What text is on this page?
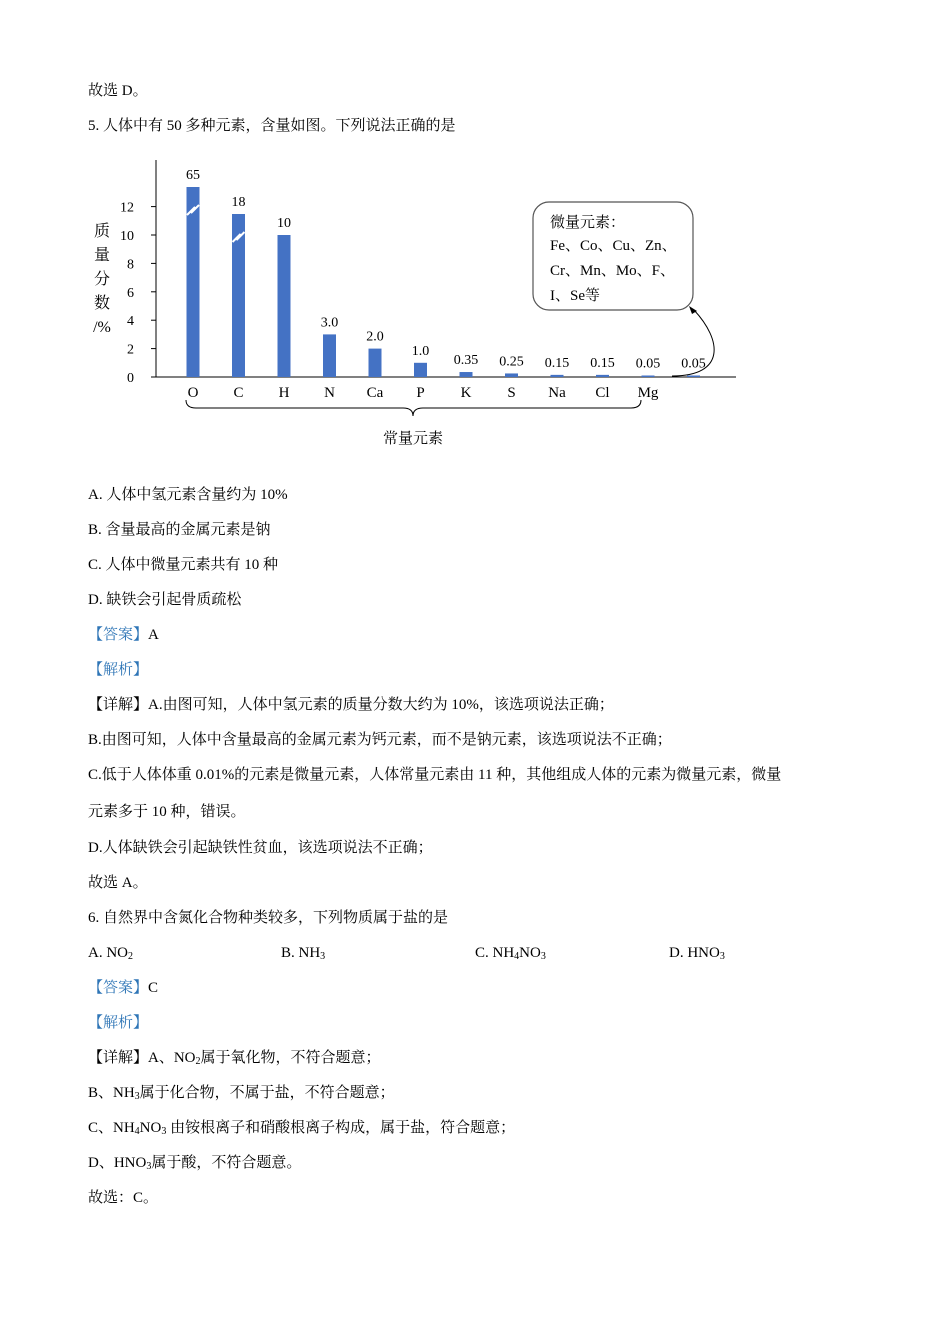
故选 D。
5. 人体中有 50 多种元素，含量如图。下列说法正确的是
0
2
4
6
8
10
12
质
量
分
数
/%
65
O
18
C
10
H
3.0
N
2.0
Ca
1.0
P
0.35
K
0.25
S
0.15
Na
0.15
Cl
0.05
Mg
0.05
常量元素
微量元素：
Fe、Co、Cu、Zn、
Cr、Mn、Mo、F、
I、Se等
A. 人体中氢元素含量约为 10%
B. 含量最高的金属元素是钠
C. 人体中微量元素共有 10 种
D. 缺铁会引起骨质疏松
【答案】A
【解析】
【详解】A.由图可知，人体中氢元素的质量分数大约为 10%，该选项说法正确；
B.由图可知，人体中含量最高的金属元素为钙元素，而不是钠元素，该选项说法不正确；
C.低于人体体重 0.01%的元素是微量元素，人体常量元素由 11 种，其他组成人体的元素为微量元素，微量
元素多于 10 种，错误。
D.人体缺铁会引起缺铁性贫血，该选项说法不正确；
故选 A。
6. 自然界中含氮化合物种类较多，下列物质属于盐的是
A. $NO_2$	B. $NH_3$	C. $NH_4NO_3$	D. $HNO_3$
【答案】C
【解析】
【详解】A、$NO_2$属于氧化物，不符合题意；
B、$NH_3$属于化合物，不属于盐，不符合题意；
C、$NH_4NO_3$ 由铵根离子和硝酸根离子构成，属于盐，符合题意；
D、$HNO_3$属于酸，不符合题意。
故选：C。
